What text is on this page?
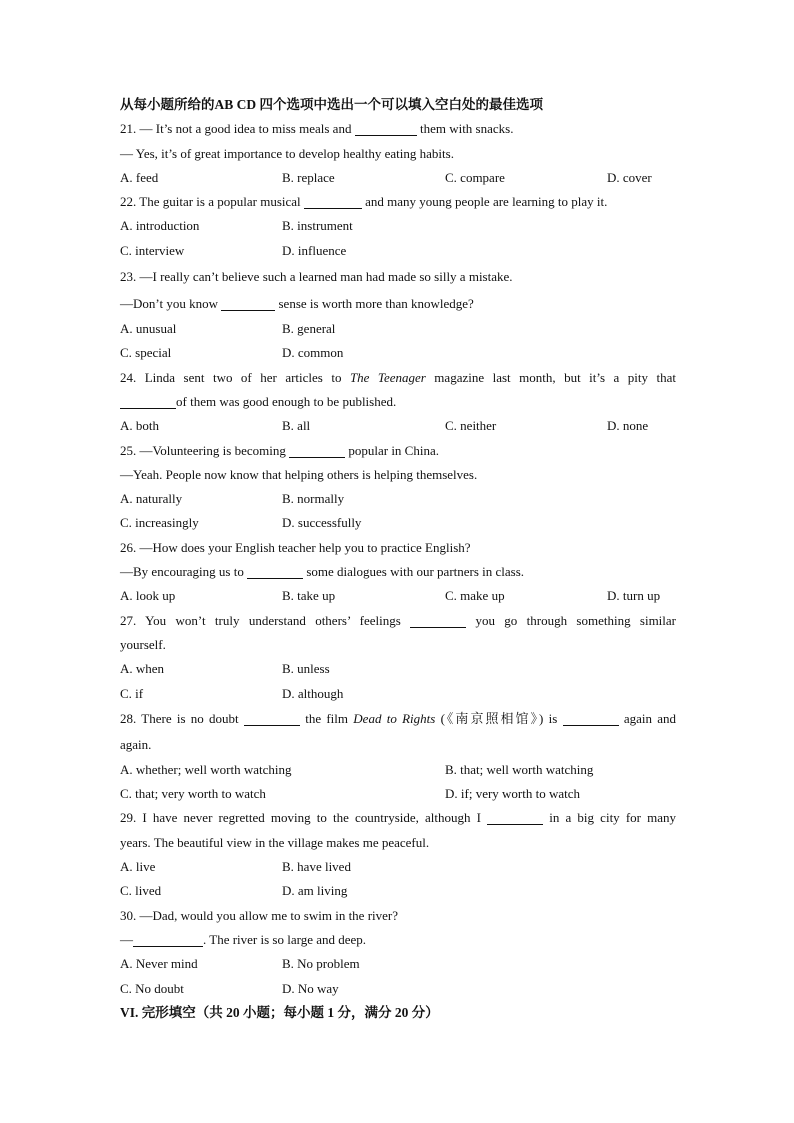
从每小题所给的AB CD 四个选项中选出一个可以填入空白处的最佳选项
21. — It’s not a good idea to miss meals and	them with snacks.
— Yes, it’s of great importance to develop healthy eating habits.
A. feed	B. replace	C. compare	D. cover
22. The guitar is a popular musical	and many young people are learning to play it.
A. introduction	B. instrument
C. interview	D. influence
23. —I really can’t believe such a learned man had made so silly a mistake.
—Don’t you know	sense is worth more than knowledge?
A. unusual	B. general
C. special	D. common
24. Linda sent two of her articles to The Teenager magazine last month, but it’s a pity that
of them was good enough to be published.
A. both	B. all	C. neither	D. none
25. —Volunteering is becoming	popular in China.
—Yeah. People now know that helping others is helping themselves.
A. naturally	B. normally
C. increasingly	D. successfully
26. —How does your English teacher help you to practice English?
—By encouraging us to	some dialogues with our partners in class.
A. look up	B. take up	C. make up	D. turn up
27. You won’t truly understand others’ feelings	you go through something similar
yourself.
A. when	B. unless
C. if	D. although
28. There is no doubt	the film Dead to Rights (《南京照相馆》) is	again and
again.
A. whether; well worth watching	B. that; well worth watching
C. that; very worth to watch	D. if; very worth to watch
29. I have never regretted moving to the countryside, although I	in a big city for many
years. The beautiful view in the village makes me peaceful.
A. live	B. have lived
C. lived	D. am living
30. —Dad, would you allow me to swim in the river?
—	. The river is so large and deep.
A. Never mind	B. No problem
C. No doubt	D. No way
VI. 完形填空（共 20 小题；每小题 1 分，满分 20 分）
